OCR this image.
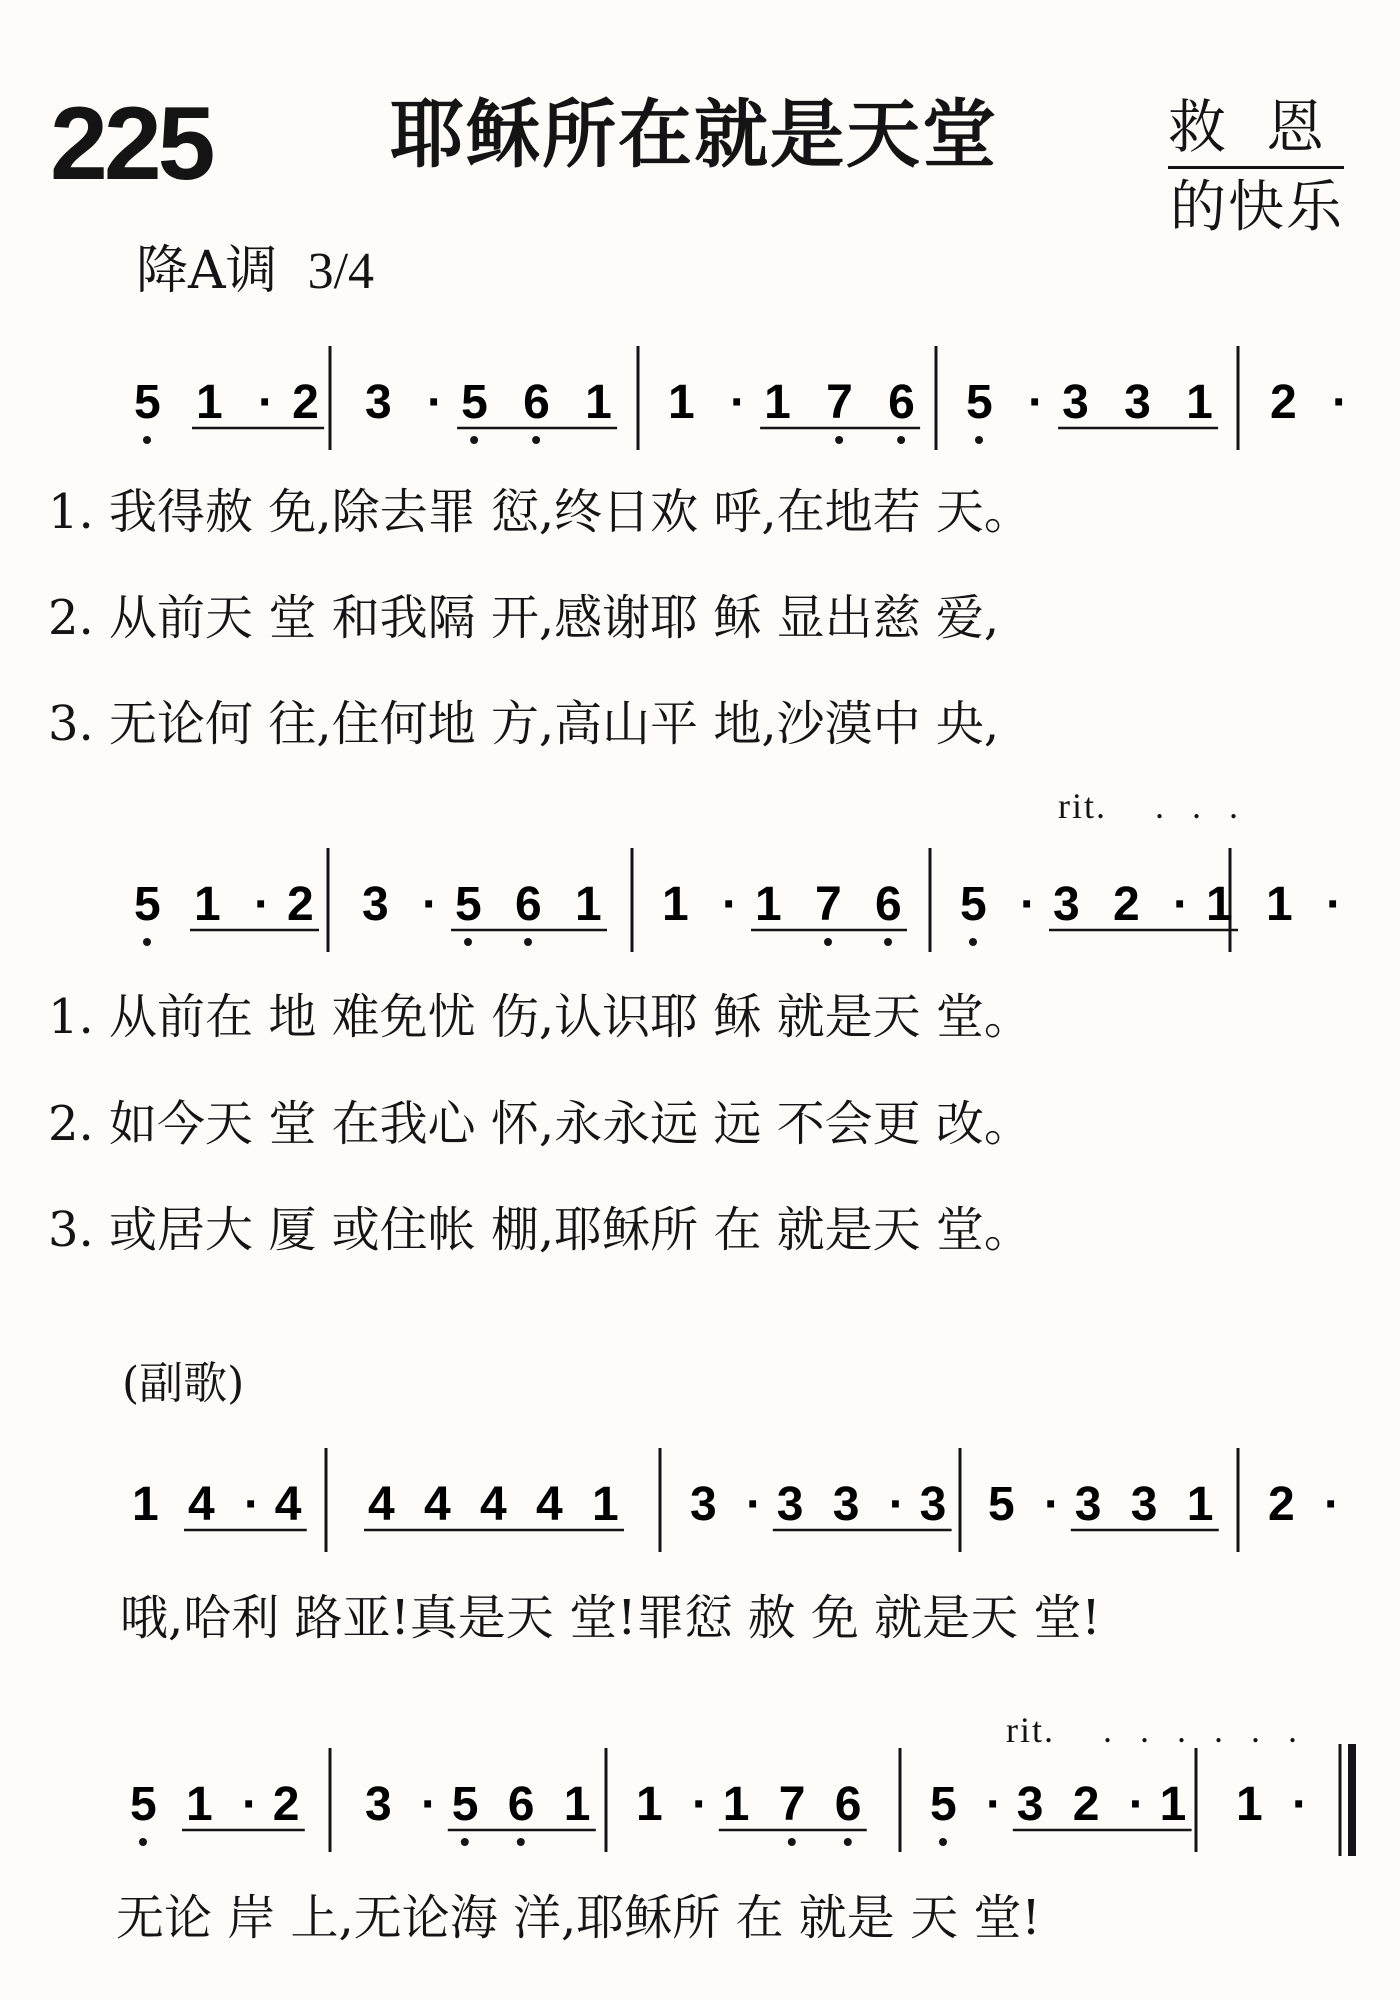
225 耶稣所在就是天堂	救恩
的快乐
降A调 3/4
5 1 · 2 3 · 5 6 1 1 · 1 7 6 5 · 3 3 1 2 ·
5 1 · 2 3 · 5 6 1 1 · 1 7 6 5 · 3 2 · 1 1 ·
1 4 · 4 4 4 4 4 1 3 · 3 3 · 3 5 · 3 3 1 2 ·
5 1 · 2 3 · 5 6 1 1 · 1 7 6 5 · 3 2 · 1 1 ·
1. 我得赦 免,除去罪 愆,终日欢 呼,在地若 天。
2. 从前天 堂 和我隔 开,感谢耶 稣 显出慈 爱,
3. 无论何 往,住何地 方,高山平 地,沙漠中 央,
rit.  ...
1. 从前在 地 难免忧 伤,认识耶 稣 就是天 堂。
2. 如今天 堂 在我心 怀,永永远 远 不会更 改。
3. 或居大 厦 或住帐 棚,耶稣所 在 就是天 堂。
(副歌)
哦,哈利 路亚!真是天 堂!罪愆 赦 免 就是天 堂!
rit.  ......
无论 岸 上,无论海 洋,耶稣所 在 就是 天 堂!
